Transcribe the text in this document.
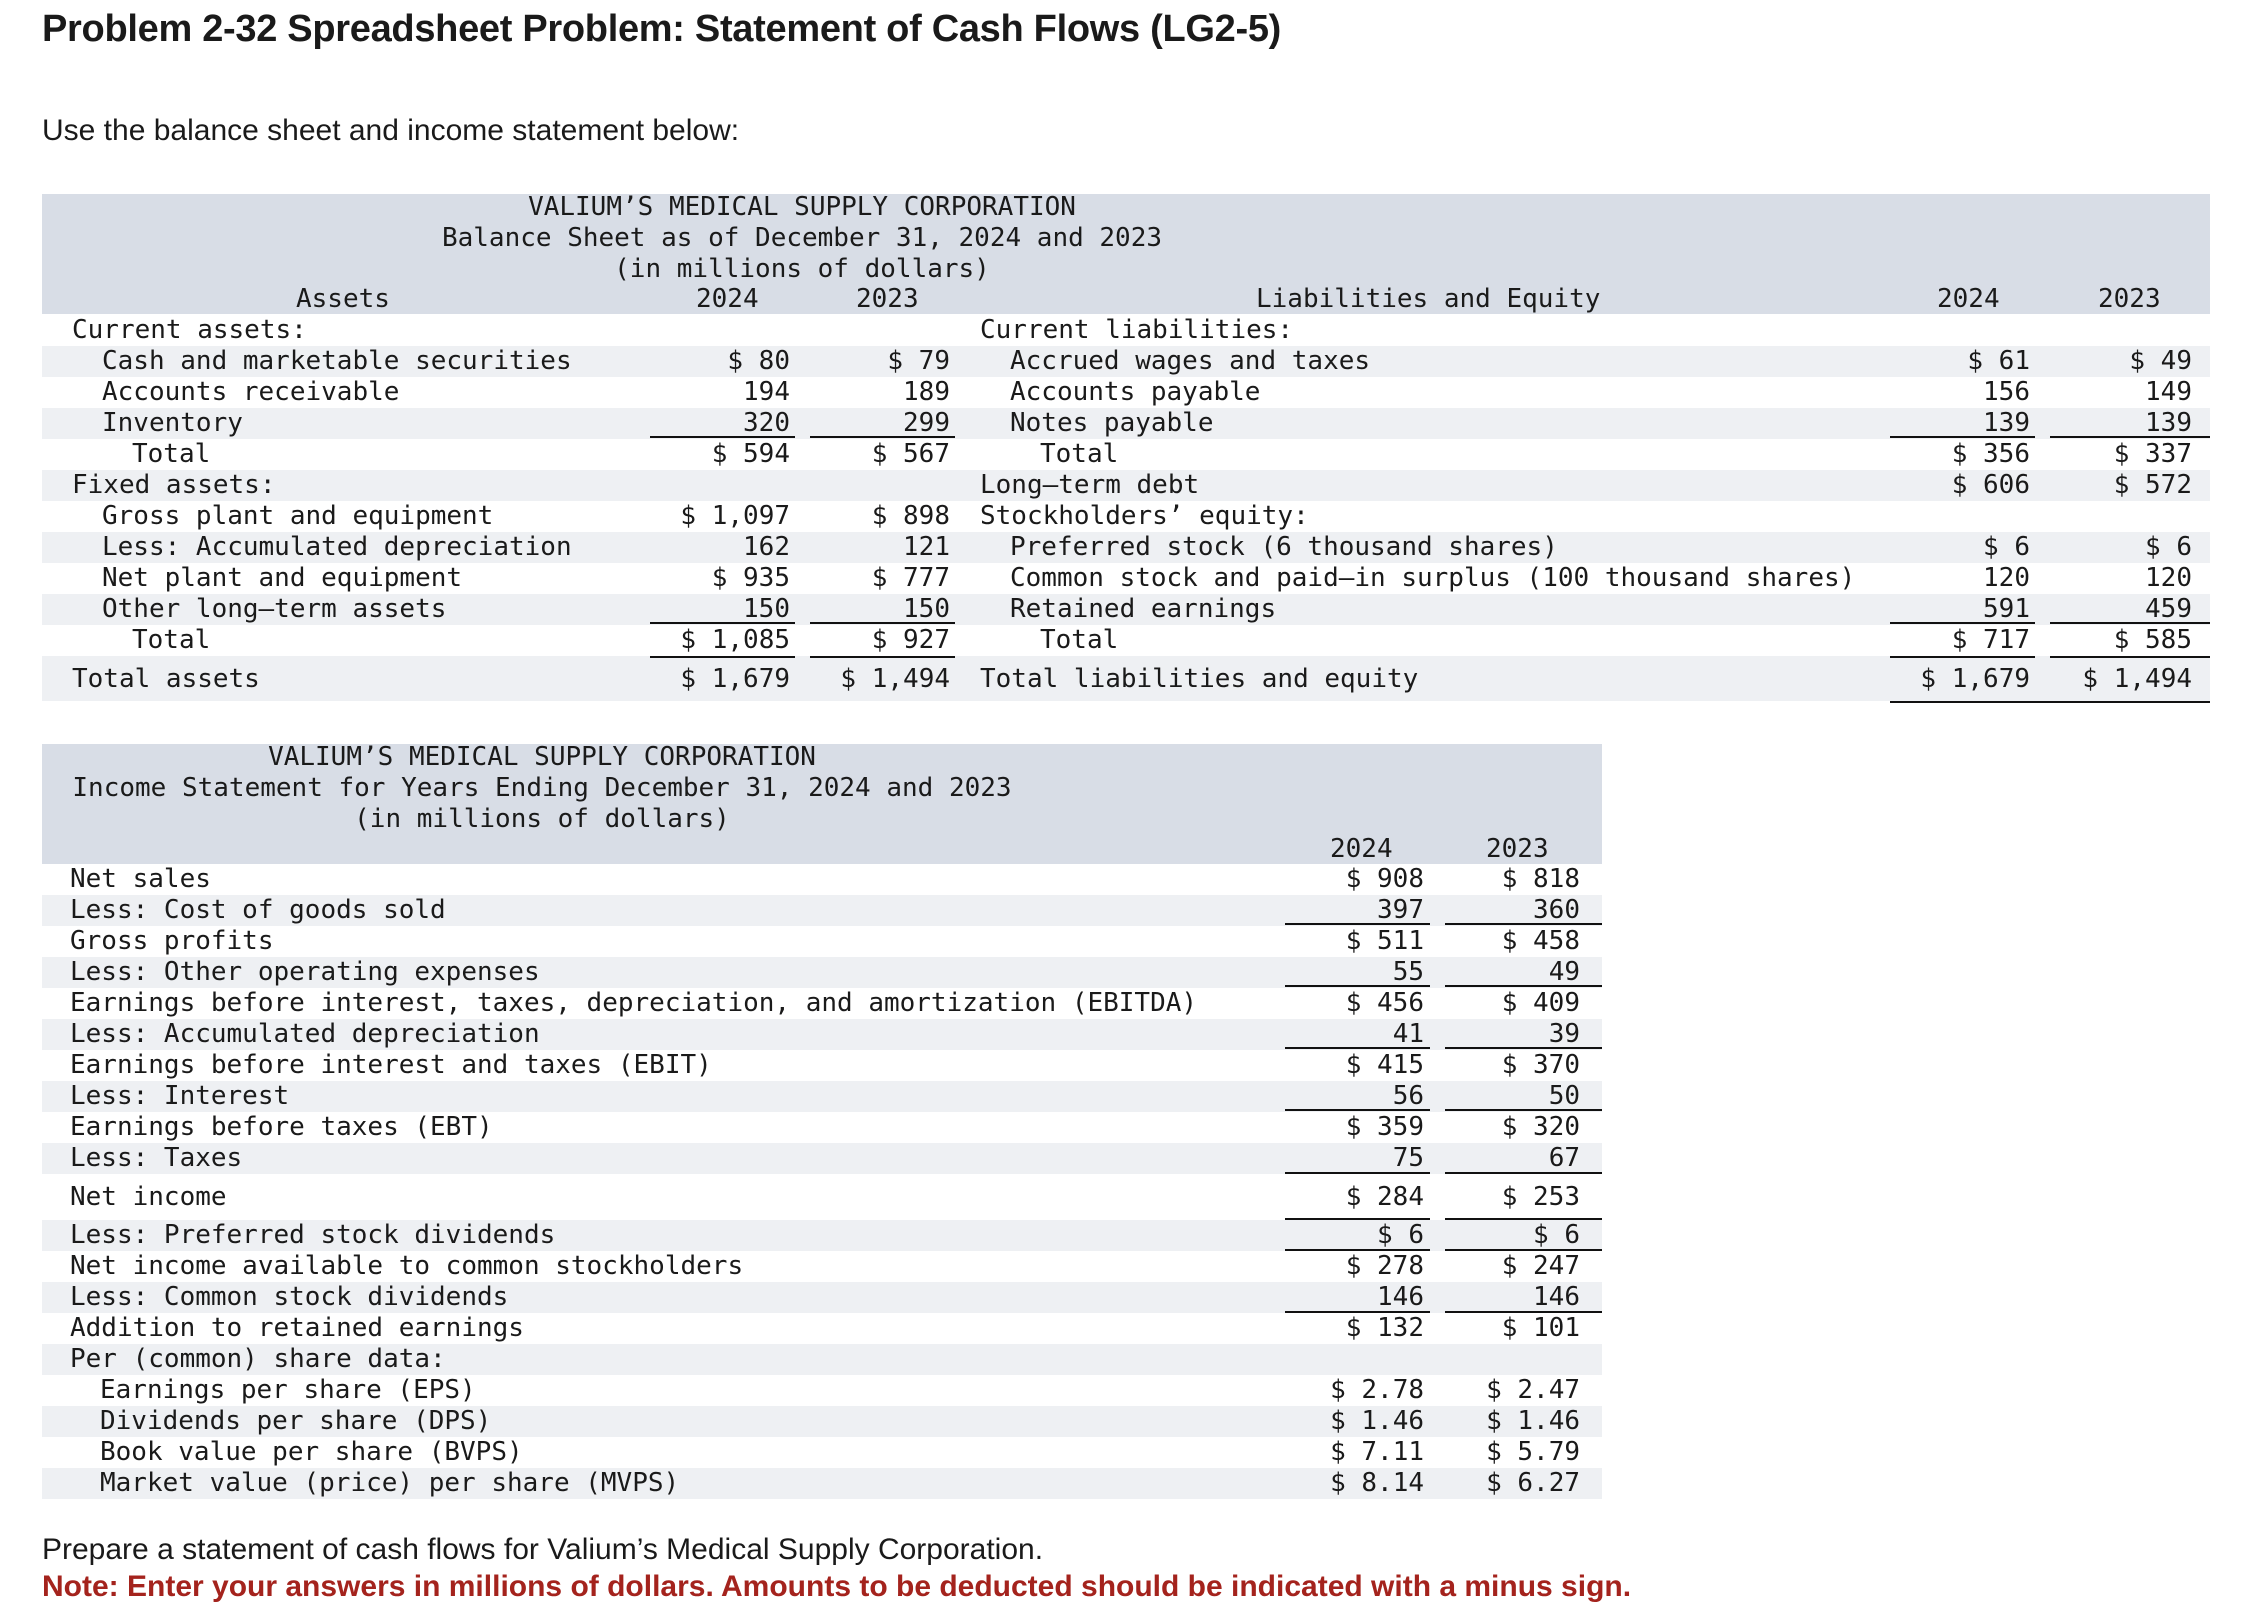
Problem 2-32 Spreadsheet Problem: Statement of Cash Flows (LG2-5)
Use the balance sheet and income statement below:
VALIUM’S MEDICAL SUPPLY CORPORATION
Balance Sheet as of December 31, 2024 and 2023
(in millions of dollars)
Assets	2024	2023	Liabilities and Equity	2024	2023
Current assets:
Cash and marketable securities	$ 80	$ 79
Accounts receivable	194	189
Inventory	320	299
Total	$ 594	$ 567
Fixed assets:
Gross plant and equipment	$ 1,097	$ 898
Less: Accumulated depreciation	162	121
Net plant and equipment	$ 935	$ 777
Other long–term assets	150	150
Total	$ 1,085	$ 927
Total assets	$ 1,679	$ 1,494
Current liabilities:
Accrued wages and taxes	$ 61	$ 49
Accounts payable	156	149
Notes payable	139	139
Total	$ 356	$ 337
Long–term debt	$ 606	$ 572
Stockholders’ equity:
Preferred stock (6 thousand shares)	$ 6	$ 6
Common stock and paid–in surplus (100 thousand shares)	120	120
Retained earnings	591	459
Total	$ 717	$ 585
Total liabilities and equity	$ 1,679	$ 1,494
VALIUM’S MEDICAL SUPPLY CORPORATION
Income Statement for Years Ending December 31, 2024 and 2023
(in millions of dollars)
2024	2023
Net sales	$ 908	$ 818
Less: Cost of goods sold	397	360
Gross profits	$ 511	$ 458
Less: Other operating expenses	55	49
Earnings before interest, taxes, depreciation, and amortization (EBITDA)	$ 456	$ 409
Less: Accumulated depreciation	41	39
Earnings before interest and taxes (EBIT)	$ 415	$ 370
Less: Interest	56	50
Earnings before taxes (EBT)	$ 359	$ 320
Less: Taxes	75	67
Net income	$ 284	$ 253
Less: Preferred stock dividends	$ 6	$ 6
Net income available to common stockholders	$ 278	$ 247
Less: Common stock dividends	146	146
Addition to retained earnings	$ 132	$ 101
Per (common) share data:
Earnings per share (EPS)	$ 2.78	$ 2.47
Dividends per share (DPS)	$ 1.46	$ 1.46
Book value per share (BVPS)	$ 7.11	$ 5.79
Market value (price) per share (MVPS)	$ 8.14	$ 6.27
Prepare a statement of cash flows for Valium’s Medical Supply Corporation.
Note: Enter your answers in millions of dollars. Amounts to be deducted should be indicated with a minus sign.
